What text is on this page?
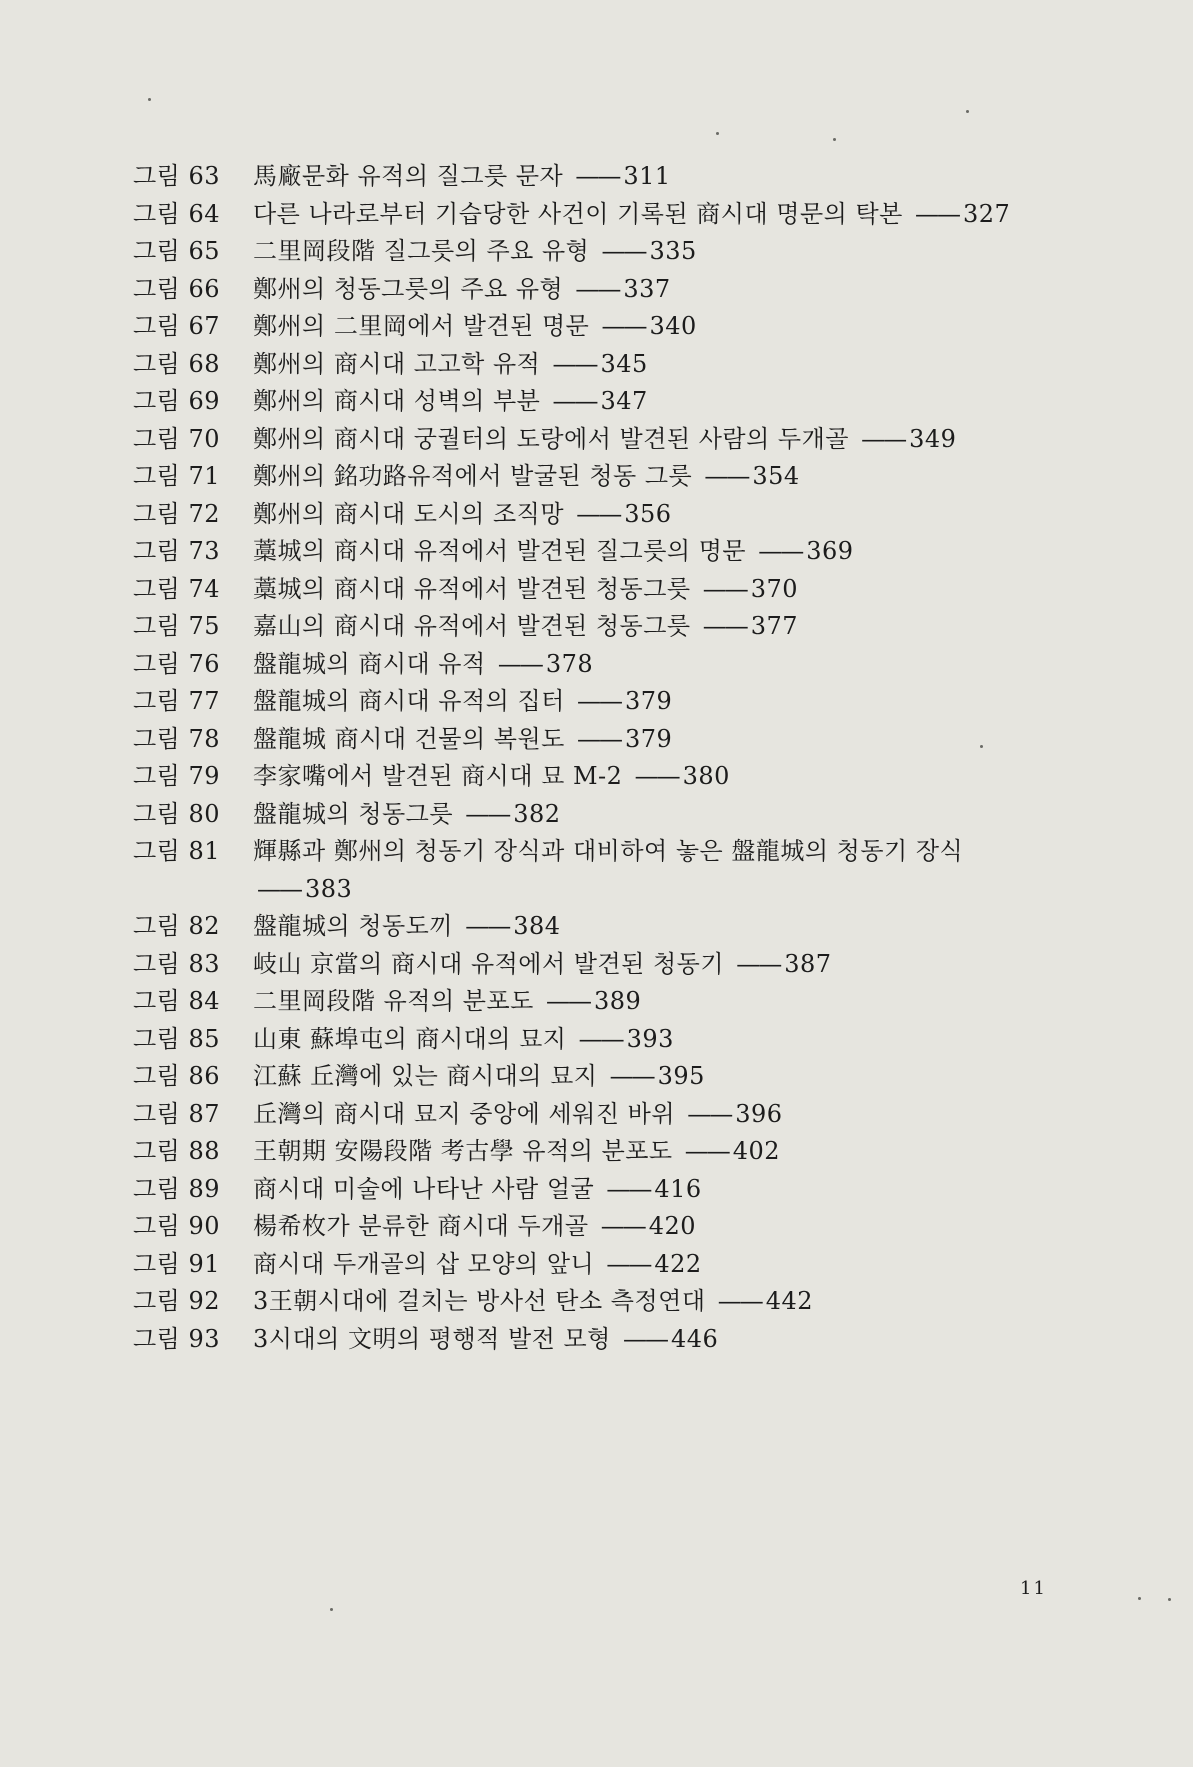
그림 63	馬廠문화 유적의 질그릇 문자 —— 311
그림 64	다른 나라로부터 기습당한 사건이 기록된 商시대 명문의 탁본 —— 327
그림 65	二里岡段階 질그릇의 주요 유형 —— 335
그림 66	鄭州의 청동그릇의 주요 유형 —— 337
그림 67	鄭州의 二里岡에서 발견된 명문 —— 340
그림 68	鄭州의 商시대 고고학 유적 —— 345
그림 69	鄭州의 商시대 성벽의 부분 —— 347
그림 70	鄭州의 商시대 궁궐터의 도랑에서 발견된 사람의 두개골 —— 349
그림 71	鄭州의 銘功路유적에서 발굴된 청동 그릇 —— 354
그림 72	鄭州의 商시대 도시의 조직망 —— 356
그림 73	藁城의 商시대 유적에서 발견된 질그릇의 명문 —— 369
그림 74	藁城의 商시대 유적에서 발견된 청동그릇 —— 370
그림 75	嘉山의 商시대 유적에서 발견된 청동그릇 —— 377
그림 76	盤龍城의 商시대 유적 —— 378
그림 77	盤龍城의 商시대 유적의 집터 —— 379
그림 78	盤龍城 商시대 건물의 복원도 —— 379
그림 79	李家嘴에서 발견된 商시대 묘 M-2 —— 380
그림 80	盤龍城의 청동그릇 —— 382
그림 81	輝縣과 鄭州의 청동기 장식과 대비하여 놓은 盤龍城의 청동기 장식 —— 383
그림 82	盤龍城의 청동도끼 —— 384
그림 83	岐山 京當의 商시대 유적에서 발견된 청동기 —— 387
그림 84	二里岡段階 유적의 분포도 —— 389
그림 85	山東 蘇埠屯의 商시대의 묘지 —— 393
그림 86	江蘇 丘灣에 있는 商시대의 묘지 —— 395
그림 87	丘灣의 商시대 묘지 중앙에 세워진 바위 —— 396
그림 88	王朝期 安陽段階 考古學 유적의 분포도 —— 402
그림 89	商시대 미술에 나타난 사람 얼굴 —— 416
그림 90	楊希枚가 분류한 商시대 두개골 —— 420
그림 91	商시대 두개골의 삽 모양의 앞니 —— 422
그림 92	3王朝시대에 걸치는 방사선 탄소 측정연대 —— 442
그림 93	3시대의 文明의 평행적 발전 모형 —— 446
11
